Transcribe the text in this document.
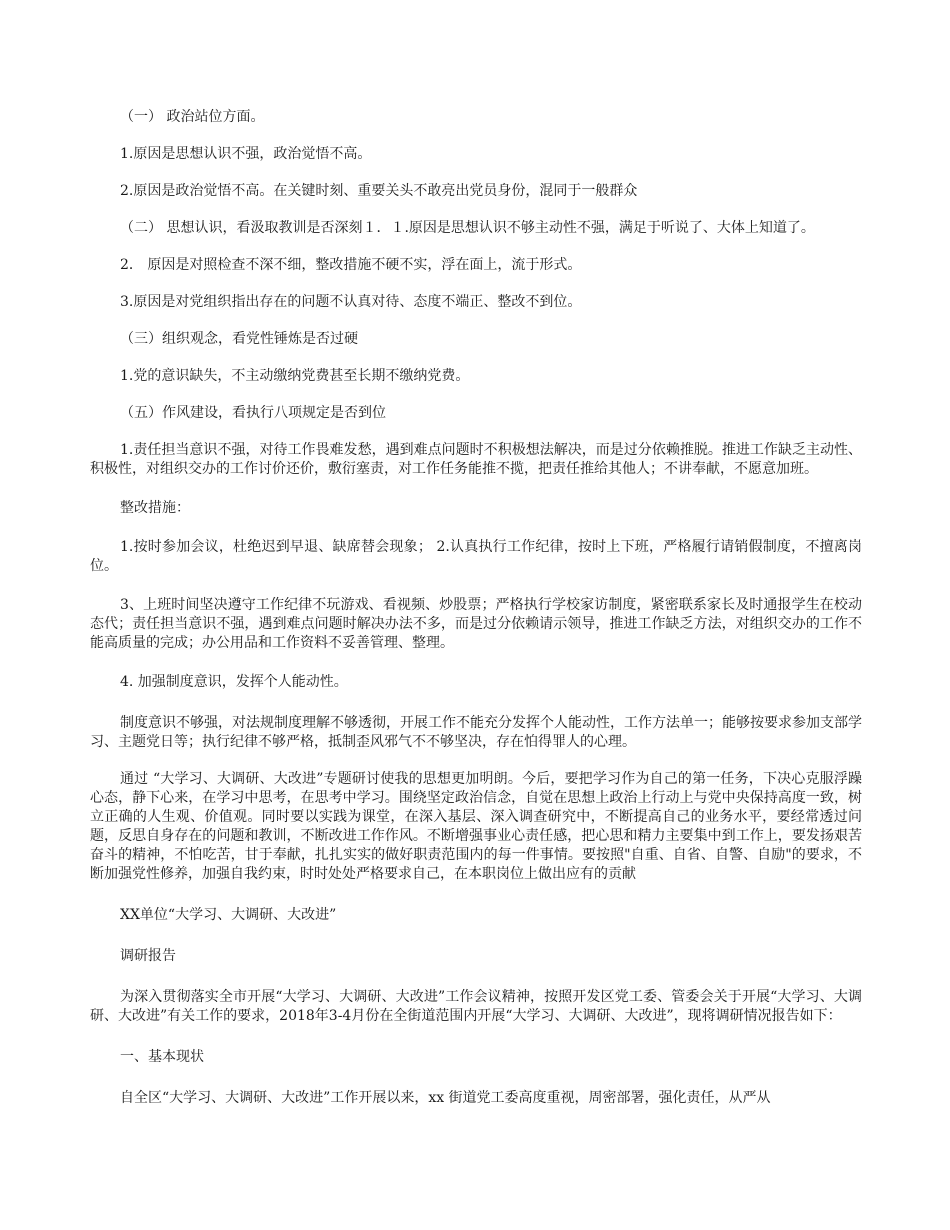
（一） 政治站位方面。

1.原因是思想认识不强，政治觉悟不高。

2.原因是政治觉悟不高。在关键时刻、重要关头不敢亮出党员身份，混同于一般群众

（二） 思想认识，看汲取教训是否深刻１．１.原因是思想认识不够主动性不强，满足于听说了、大体上知道了。

2． 原因是对照检查不深不细，整改措施不硬不实，浮在面上，流于形式。

3.原因是对党组织指出存在的问题不认真对待、态度不端正、整改不到位。

（三）组织观念，看党性锤炼是否过硬

1.党的意识缺失，不主动缴纳党费甚至长期不缴纳党费。

（五）作风建设，看执行八项规定是否到位

1.责任担当意识不强，对待工作畏难发愁，遇到难点问题时不积极想法解决，而是过分依赖推脱。推进工作缺乏主动性、积极性，对组织交办的工作讨价还价，敷衍塞责，对工作任务能推不揽，把责任推给其他人；不讲奉献，不愿意加班。

整改措施：

1.按时参加会议，杜绝迟到早退、缺席替会现象； 2.认真执行工作纪律，按时上下班，严格履行请销假制度，不擅离岗位。

3、上班时间坚决遵守工作纪律不玩游戏、看视频、炒股票；严格执行学校家访制度，紧密联系家长及时通报学生在校动态代；责任担当意识不强，遇到难点问题时解决办法不多，而是过分依赖请示领导，推进工作缺乏方法，对组织交办的工作不能高质量的完成；办公用品和工作资料不妥善管理、整理。

4. 加强制度意识，发挥个人能动性。

制度意识不够强，对法规制度理解不够透彻，开展工作不能充分发挥个人能动性，工作方法单一；能够按要求参加支部学习、主题党日等；执行纪律不够严格，抵制歪风邪气不不够坚决，存在怕得罪人的心理。

通过 “大学习、大调研、大改进”专题研讨使我的思想更加明朗。今后，要把学习作为自己的第一任务，下决心克服浮躁心态，静下心来，在学习中思考，在思考中学习。围绕坚定政治信念，自觉在思想上政治上行动上与党中央保持高度一致，树立正确的人生观、价值观。同时要以实践为课堂，在深入基层、深入调查研究中，不断提高自己的业务水平，要经常透过问题，反思自身存在的问题和教训，不断改进工作作风。不断增强事业心责任感，把心思和精力主要集中到工作上，要发扬艰苦奋斗的精神，不怕吃苦，甘于奉献，扎扎实实的做好职责范围内的每一件事情。要按照"自重、自省、自警、自励"的要求，不断加强党性修养，加强自我约束，时时处处严格要求自己，在本职岗位上做出应有的贡献

XX单位“大学习、大调研、大改进”

调研报告

为深入贯彻落实全市开展“大学习、大调研、大改进”工作会议精神，按照开发区党工委、管委会关于开展“大学习、大调研、大改进”有关工作的要求，2018年3-4月份在全街道范围内开展“大学习、大调研、大改进”，现将调研情况报告如下：

一、基本现状

自全区“大学习、大调研、大改进”工作开展以来，xx 街道党工委高度重视，周密部署，强化责任，从严从
